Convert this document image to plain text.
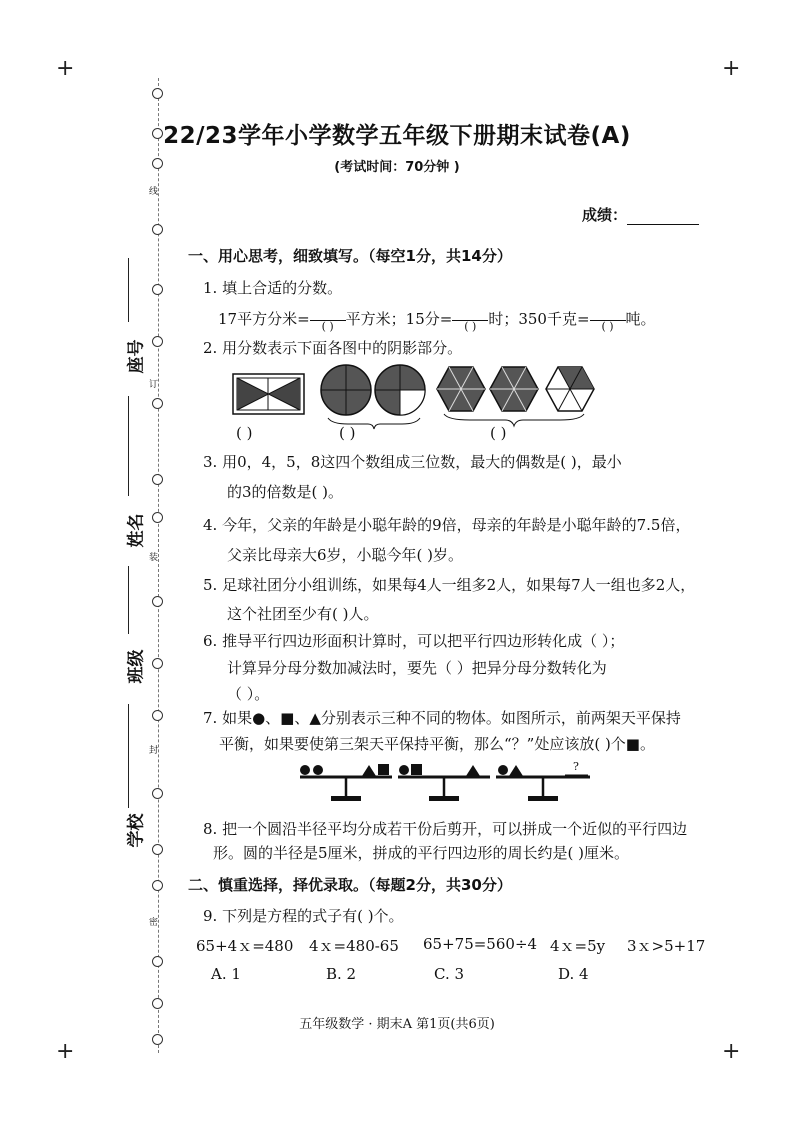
+	+
+	+
线
订
装
封
密
座号
姓名
班级
学校
22/23学年小学数学五年级下册期末试卷(A)
(考试时间：70分钟 )
成绩：
一、用心思考，细致填写。（每空1分，共14分）
1. 填上合适的分数。
17平方分米=	( ) 平方米；15分=	( ) 时；350千克=	( ) 吨。
2. 用分数表示下面各图中的阴影部分。
( )	( )	( )
3. 用0，4，5，8这四个数组成三位数，最大的偶数是( )，最小
的3的倍数是( )。
4. 今年，父亲的年龄是小聪年龄的9倍，母亲的年龄是小聪年龄的7.5倍，
父亲比母亲大6岁，小聪今年( )岁。
5. 足球社团分小组训练，如果每4人一组多2人，如果每7人一组也多2人，
这个社团至少有( )人。
6. 推导平行四边形面积计算时，可以把平行四边形转化成（ ）；
计算异分母分数加减法时，要先（ ）把异分母分数转化为
（ ）。
7. 如果●、■、▲分别表示三种不同的物体。如图所示，前两架天平保持
平衡，如果要使第三架天平保持平衡，那么“？”处应该放( )个■。
?
8. 把一个圆沿半径平均分成若干份后剪开，可以拼成一个近似的平行四边
形。圆的半径是5厘米，拼成的平行四边形的周长约是( )厘米。
二、慎重选择，择优录取。（每题2分，共30分）
9. 下列是方程的式子有( )个。
65+4ｘ=480 4ｘ=480-65 65+75=560÷4 4ｘ=5y 3ｘ>5+17
A. 1	B. 2	C. 3	D. 4
五年级数学 · 期末A 第1页(共6页)
